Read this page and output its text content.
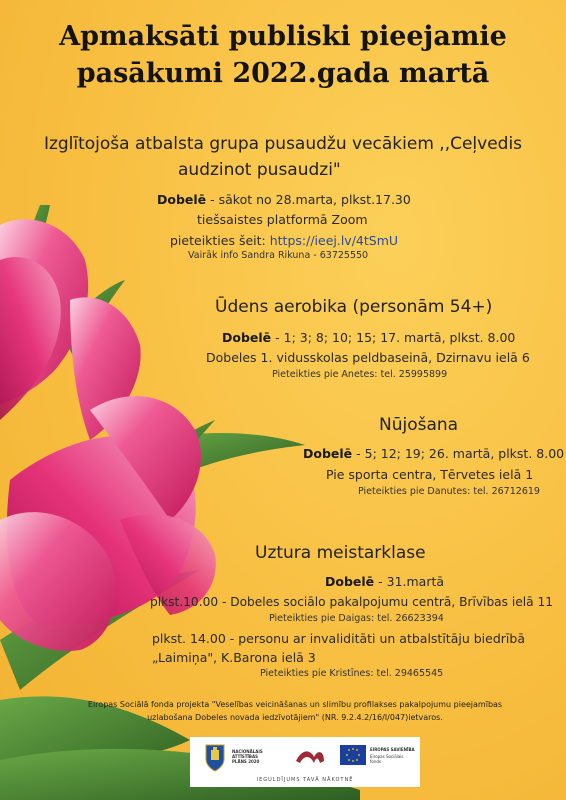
Apmaksāti publiski pieejamie
pasākumi 2022.gada martā
Izglītojoša atbalsta grupa pusaudžu vecākiem ,,Ceļvedis
audzinot pusaudzi"
Dobelē - sākot no 28.marta, plkst.17.30
tiešsaistes platformā Zoom
pieteikties šeit: https://ieej.lv/4tSmU
Vairāk info Sandra Rikuna - 63725550
Ūdens aerobika (personām 54+)
Dobelē - 1; 3; 8; 10; 15; 17. martā, plkst. 8.00
Dobeles 1. vidusskolas peldbaseinā, Dzirnavu ielā 6
Pieteikties pie Anetes: tel. 25995899
Nūjošana
Dobelē - 5; 12; 19; 26. martā, plkst. 8.00
Pie sporta centra, Tērvetes ielā 1
Pieteikties pie Danutes: tel. 26712619
Uztura meistarklase
Dobelē - 31.martā
plkst.10.00 - Dobeles sociālo pakalpojumu centrā, Brīvības ielā 11
Pieteikties pie Daigas: tel. 26623394
plkst. 14.00 - personu ar invaliditāti un atbalstītāju biedrībā
„Laimiņa", K.Barona ielā 3
Pieteikties pie Kristīnes: tel. 29465545
Eiropas Sociālā fonda projekta "Veselības veicināšanas un slimību profilakses pakalpojumu pieejamības
uzlabošana Dobeles novada iedzīvotājiem" (NR. 9.2.4.2/16/I/047)ietvaros.
NACIONĀLAIS
ATTĪSTĪBAS
PLĀNS 2020
EIROPAS SAVIENĪBA
Eiropas Sociālais
fonds
IEGULDĪJUMS TAVĀ NĀKOTNĒ
